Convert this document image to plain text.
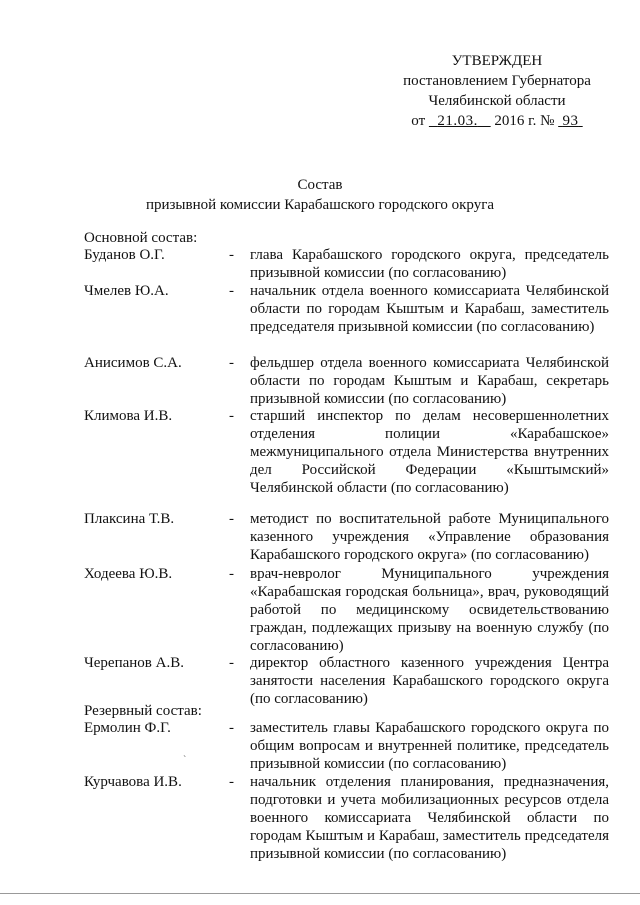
УТВЕРЖДЕН
постановлением Губернатора
Челябинской области
от 21.03. 2016 г. № 93
Состав
призывной комиссии Карабашского городского округа
Основной состав:
Буданов О.Г.	- глава Карабашского городского округа, председатель призывной комиссии (по согласованию)
Чмелев Ю.А.	- начальник отдела военного комиссариата Челябинской области по городам Кыштым и Карабаш, заместитель председателя призывной комиссии (по согласованию)
Анисимов С.А.	- фельдшер отдела военного комиссариата Челябинской области по городам Кыштым и Карабаш, секретарь призывной комиссии (по согласованию)
Климова И.В.	- старший инспектор по делам несовершеннолетних отделения полиции «Карабашское» межмуниципального отдела Министерства внутренних дел Российской Федерации «Кыштымский» Челябинской области (по согласованию)
Плаксина Т.В.	- методист по воспитательной работе Муниципального казенного учреждения «Управление образования Карабашского городского округа» (по согласованию)
Ходеева Ю.В.	- врач-невролог Муниципального учреждения «Карабашская городская больница», врач, руководящий работой по медицинскому освидетельствованию граждан, подлежащих призыву на военную службу (по согласованию)
Черепанов А.В.	- директор областного казенного учреждения Центра занятости населения Карабашского городского округа (по согласованию)
Резервный состав:
Ермолин Ф.Г.	- заместитель главы Карабашского городского округа по общим вопросам и внутренней политике, председатель призывной комиссии (по согласованию)
Курчавова И.В.	- начальник отделения планирования, предназначения, подготовки и учета мобилизационных ресурсов отдела военного комиссариата Челябинской области по городам Кыштым и Карабаш, заместитель председателя призывной комиссии (по согласованию)
`
